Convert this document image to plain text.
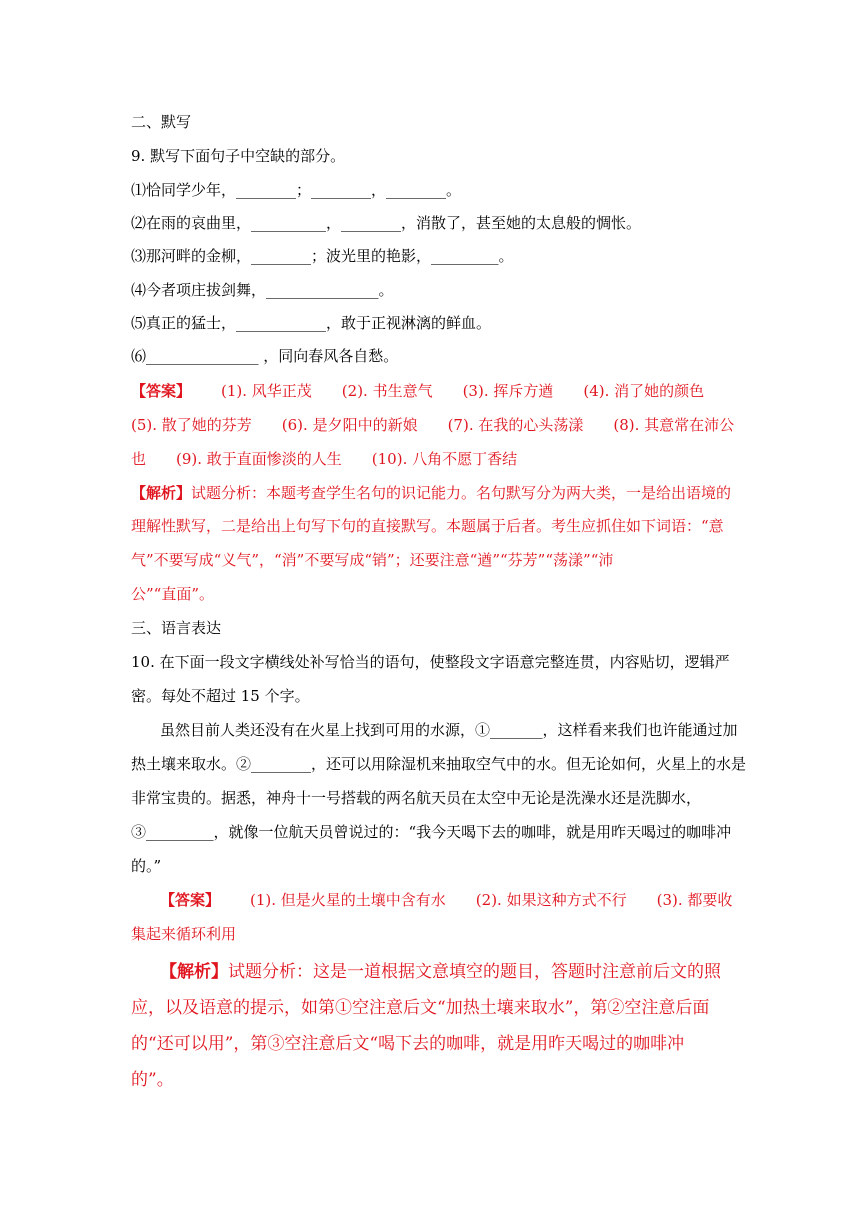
二、默写
9. 默写下面句子中空缺的部分。
⑴恰同学少年，________；________，________。
⑵在雨的哀曲里，__________，________，消散了，甚至她的太息般的惆怅。
⑶那河畔的金柳，________；波光里的艳影，_________。
⑷今者项庄拔剑舞，_______________。
⑸真正的猛士，____________，敢于正视淋漓的鲜血。
⑹_______________ ，同向春风各自愁。
【答案】 (1). 风华正茂　　(2). 书生意气　　(3). 挥斥方遒　　(4). 消了她的颜色
(5). 散了她的芬芳　　(6). 是夕阳中的新娘　　(7). 在我的心头荡漾　　(8). 其意常在沛公
也　　(9). 敢于直面惨淡的人生　　(10). 八角不愿丁香结
【解析】试题分析：本题考查学生名句的识记能力。名句默写分为两大类，一是给出语境的
理解性默写，二是给出上句写下句的直接默写。本题属于后者。考生应抓住如下词语：“意
气”不要写成“义气”，“消”不要写成“销”；还要注意“遒”“芬芳”“荡漾”“沛
公”“直面”。
三、语言表达
10. 在下面一段文字横线处补写恰当的语句，使整段文字语意完整连贯，内容贴切，逻辑严
密。每处不超过 15 个字。
虽然目前人类还没有在火星上找到可用的水源，①_______，这样看来我们也许能通过加
热土壤来取水。②________，还可以用除湿机来抽取空气中的水。但无论如何，火星上的水是
非常宝贵的。据悉，神舟十一号搭载的两名航天员在太空中无论是洗澡水还是洗脚水，
③_________，就像一位航天员曾说过的：“我今天喝下去的咖啡，就是用昨天喝过的咖啡冲
的。”
【答案】 (1). 但是火星的土壤中含有水　　(2). 如果这种方式不行　　(3). 都要收
集起来循环利用
【解析】试题分析：这是一道根据文意填空的题目，答题时注意前后文的照
应，以及语意的提示，如第①空注意后文“加热土壤来取水”，第②空注意后面
的“还可以用”，第③空注意后文“喝下去的咖啡，就是用昨天喝过的咖啡冲
的”。
